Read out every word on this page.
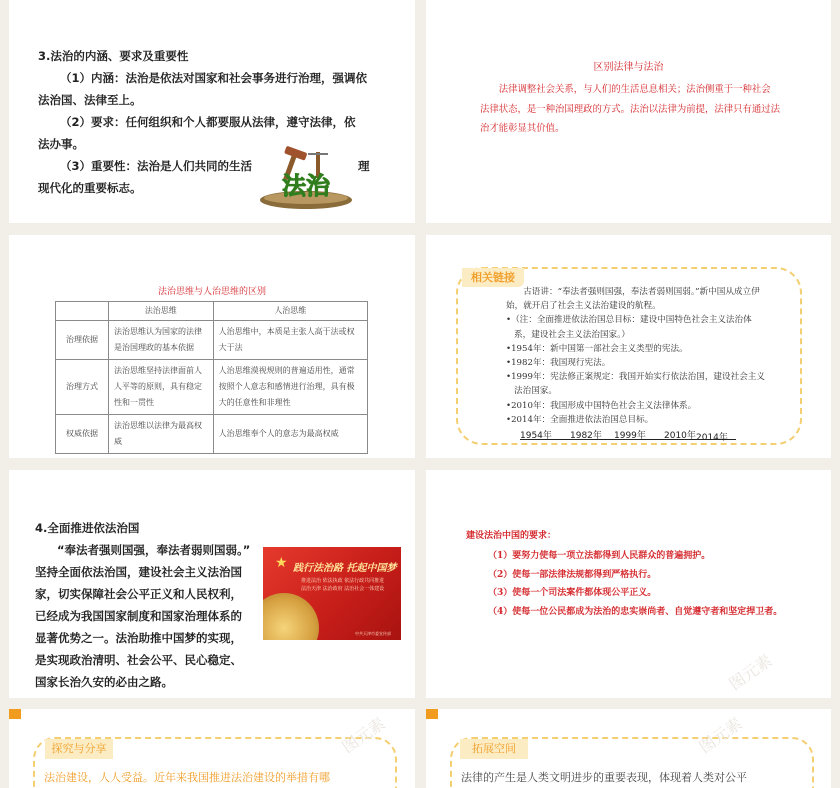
3.法治的内涵、要求及重要性
（1）内涵：法治是依法对国家和社会事务进行治理，强调依
法治国、法律至上。
（2）要求：任何组织和个人都要服从法律，遵守法律，依
法办事。
（3）重要性：法治是人们共同的生活	理
现代化的重要标志。	法治
区别法律与法治
法律调整社会关系，与人们的生活息息相关；法治侧重于一种社会法律状态，是一种治国理政的方式。法治以法律为前提，法律只有通过法治才能彰显其价值。
法治思维与人治思维的区别
	法治思维	人治思维
治理依据	法治思维认为国家的法律是治国理政的基本依据	人治思维中，本质是主张人高于法或权大于法
治理方式	法治思维坚持法律面前人人平等的原则，具有稳定性和一贯性	人治思维漠视规则的普遍适用性，通常按照个人意志和感情进行治理，具有极大的任意性和非理性
权威依据	法治思维以法律为最高权威	人治思维奉个人的意志为最高权威
相关链接
古语讲：“奉法者强则国强，奉法者弱则国弱。”新中国从成立伊始，就开启了社会主义法治建设的航程。
•（注：全面推进依法治国总目标：建设中国特色社会主义法治体系，建设社会主义法治国家。）
•1954年：新中国第一部社会主义类型的宪法。
•1982年：我国现行宪法。
•1999年：宪法修正案规定：我国开始实行依法治国，建设社会主义法治国家。
•2010年：我国形成中国特色社会主义法律体系。
•2014年：全面推进依法治国总目标。
1954年 1982年 1999年 2010年 2014年
4.全面推进依法治国
“奉法者强则国强，奉法者弱则国弱。”
坚持全面依法治国，建设社会主义法治国
家，切实保障社会公平正义和人民权利，
已经成为我国国家制度和国家治理体系的
显著优势之一。法治助推中国梦的实现，
是实现政治清明、社会公平、民心稳定、
国家长治久安的必由之路。
★ 践行法治路 托起中国梦
推进法治 依法执政 依法行政共同推进
法治天津 法治政府 法治社会一体建设
中共天津市委宣传部
建设法治中国的要求：
（1）要努力使每一项立法都得到人民群众的普遍拥护。
（2）使每一部法律法规都得到严格执行。
（3）使每一个司法案件都体现公平正义。
（4）使每一位公民都成为法治的忠实崇尚者、自觉遵守者和坚定捍卫者。
图元素
探究与分享
法治建设，人人受益。近年来我国推进法治建设的举措有哪
图元素	拓展空间
法律的产生是人类文明进步的重要表现，体现着人类对公平
图元素
